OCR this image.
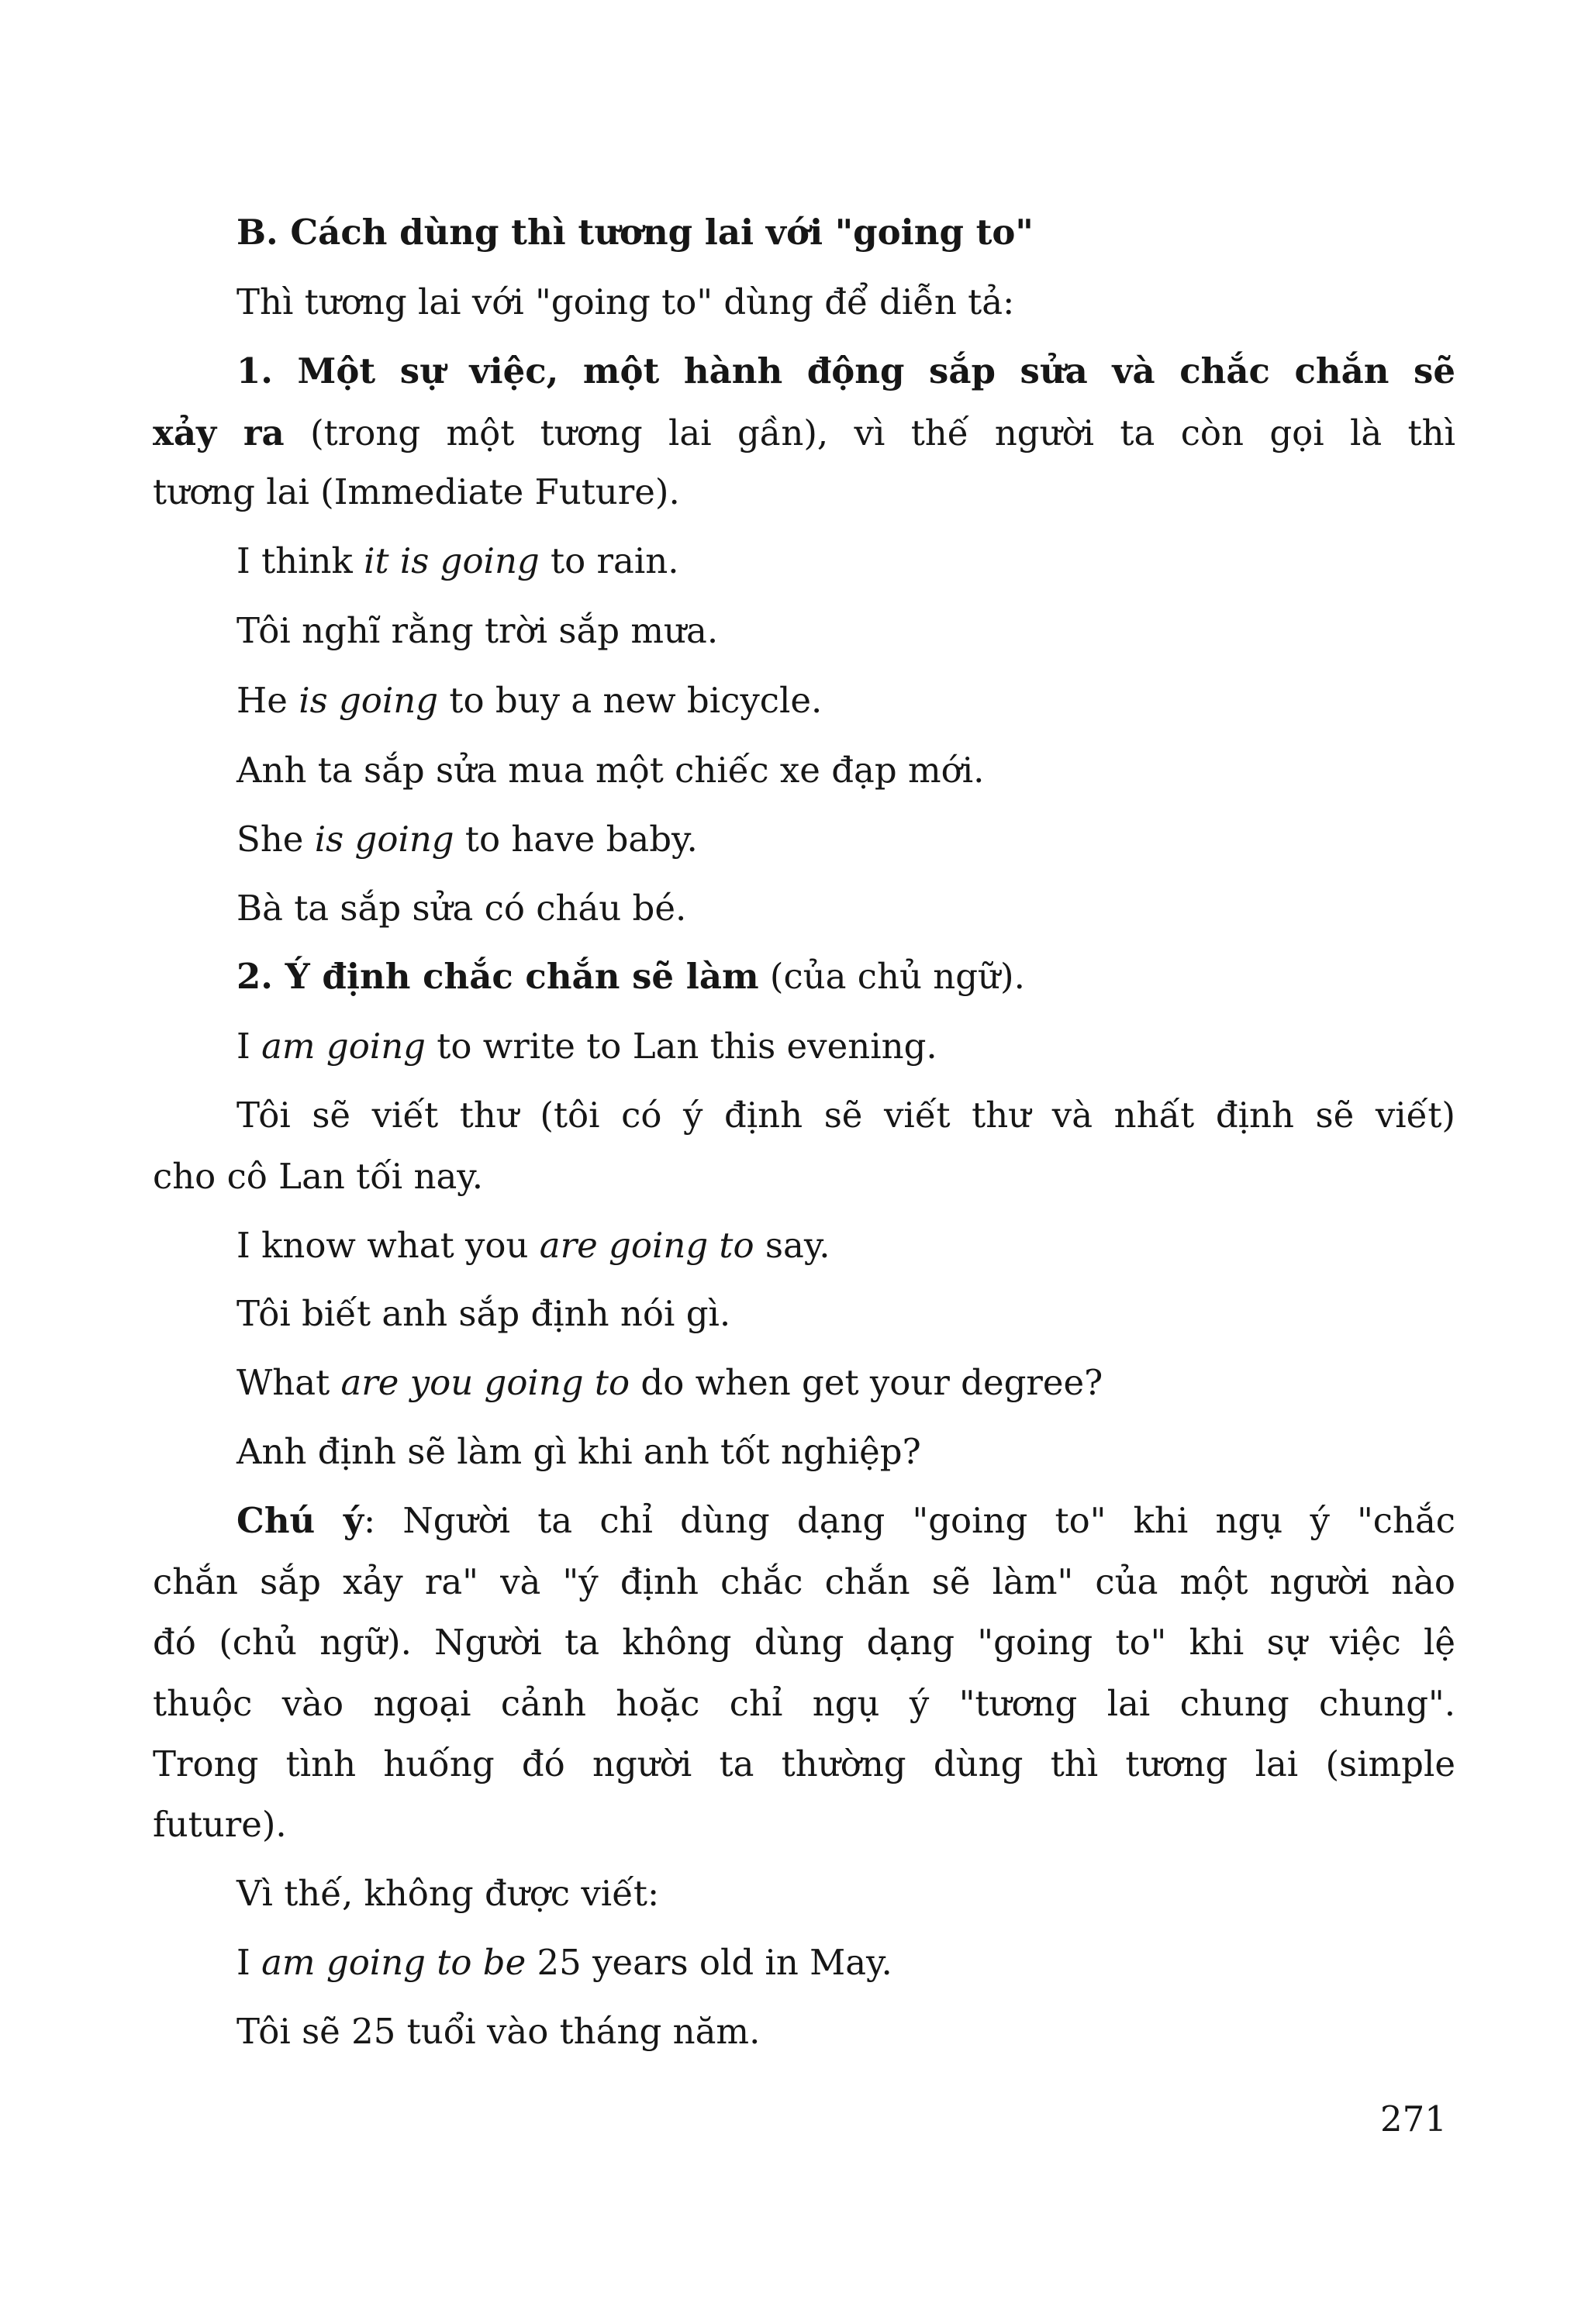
B. Cách dùng thì tương lai với "going to"
Thì tương lai với "going to" dùng để diễn tả:
1. Một sự việc, một hành động sắp sửa và chắc chắn sẽ
xảy ra (trong một tương lai gần), vì thế người ta còn gọi là thì
tương lai (Immediate Future).
I think it is going to rain.
Tôi nghĩ rằng trời sắp mưa.
He is going to buy a new bicycle.
Anh ta sắp sửa mua một chiếc xe đạp mới.
She is going to have baby.
Bà ta sắp sửa có cháu bé.
2. Ý định chắc chắn sẽ làm (của chủ ngữ).
I am going to write to Lan this evening.
Tôi sẽ viết thư (tôi có ý định sẽ viết thư và nhất định sẽ viết)
cho cô Lan tối nay.
I know what you are going to say.
Tôi biết anh sắp định nói gì.
What are you going to do when get your degree?
Anh định sẽ làm gì khi anh tốt nghiệp?
Chú ý: Người ta chỉ dùng dạng "going to" khi ngụ ý "chắc
chắn sắp xảy ra" và "ý định chắc chắn sẽ làm" của một người nào
đó (chủ ngữ). Người ta không dùng dạng "going to" khi sự việc lệ
thuộc vào ngoại cảnh hoặc chỉ ngụ ý "tương lai chung chung".
Trong tình huống đó người ta thường dùng thì tương lai (simple
future).
Vì thế, không được viết:
I am going to be 25 years old in May.
Tôi sẽ 25 tuổi vào tháng năm.
271
